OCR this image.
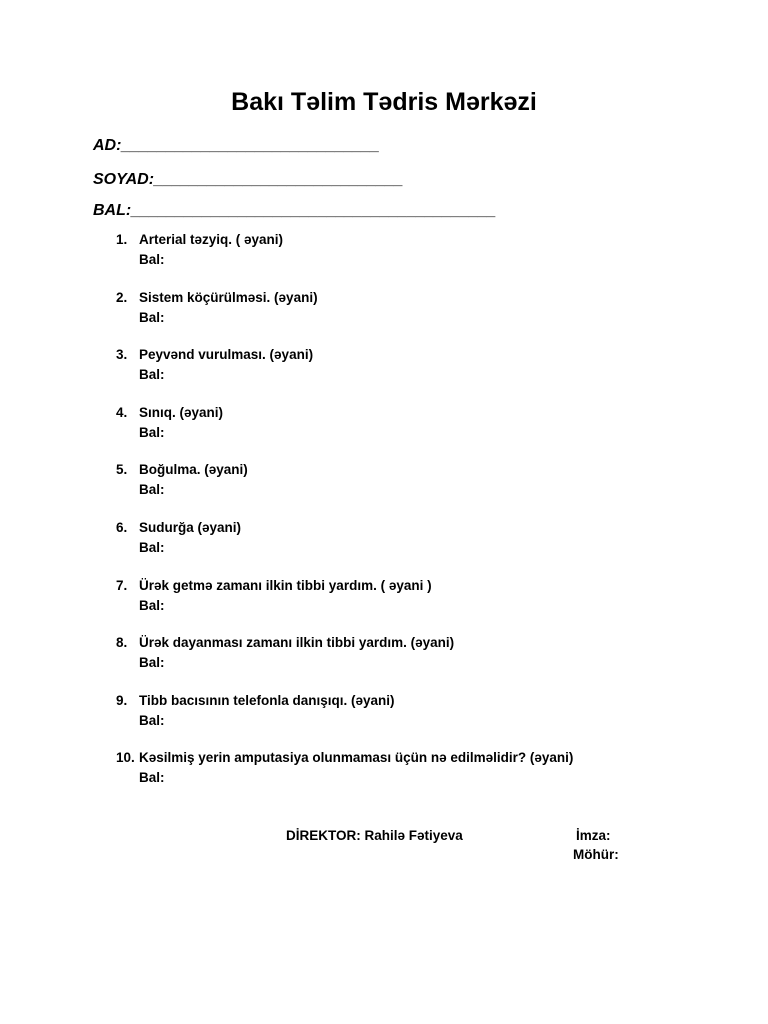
Bakı Təlim Tədris Mərkəzi
AD:_____________________________
SOYAD:____________________________
BAL:_________________________________________
1. Arterial təzyiq. ( əyani)
Bal:
2. Sistem köçürülməsi. (əyani)
Bal:
3. Peyvənd vurulması. (əyani)
Bal:
4. Sınıq. (əyani)
Bal:
5. Boğulma. (əyani)
Bal:
6. Sudurğa (əyani)
Bal:
7. Ürək getmə zamanı ilkin tibbi yardım. ( əyani )
Bal:
8. Ürək dayanması zamanı ilkin tibbi yardım. (əyani)
Bal:
9. Tibb bacısının telefonla danışıqı. (əyani)
Bal:
10. Kəsilmiş yerin amputasiya olunmaması üçün nə edilməlidir? (əyani)
Bal:
DİREKTOR: Rahilə Fətiyeva	İmza:
Möhür:
